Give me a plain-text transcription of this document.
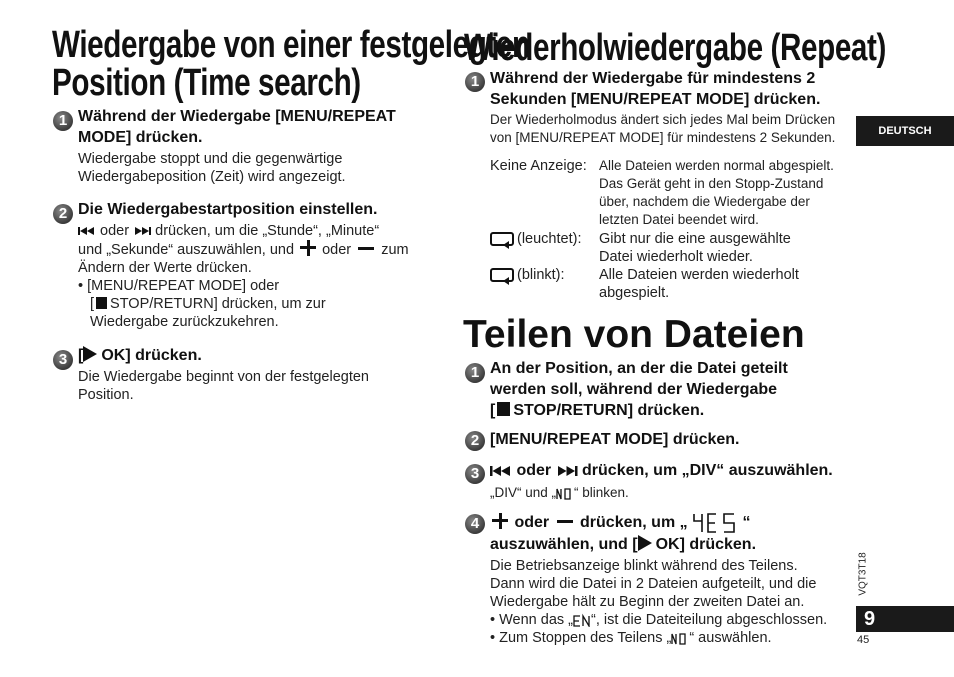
Wiedergabe von einer festgelegten
Position (Time search)
1 Während der Wiedergabe [MENU/REPEAT
MODE] drücken.
Wiedergabe stoppt und die gegenwärtige
Wiedergabeposition (Zeit) wird angezeigt.
2 Die Wiedergabestartposition einstellen.
oder drücken, um die „Stunde“, „Minute“
und „Sekunde“ auszuwählen, und oder zum
Ändern der Werte drücken.
• [MENU/REPEAT MODE] oder
[ STOP/RETURN] drücken, um zur
Wiedergabe zurückzukehren.
3 [ OK] drücken.
Die Wiedergabe beginnt von der festgelegten
Position.
Wiederholwiedergabe (Repeat)
1 Während der Wiedergabe für mindestens 2
Sekunden [MENU/REPEAT MODE] drücken.
Der Wiederholmodus ändert sich jedes Mal beim Drücken
von [MENU/REPEAT MODE] für mindestens 2 Sekunden.
Keine Anzeige: Alle Dateien werden normal abgespielt.
Das Gerät geht in den Stopp-Zustand
über, nachdem die Wiedergabe der
letzten Datei beendet wird.
(leuchtet): Gibt nur die eine ausgewählte
Datei wiederholt wieder.
(blinkt): Alle Dateien werden wiederholt
abgespielt.
Teilen von Dateien
1 An der Position, an der die Datei geteilt
werden soll, während der Wiedergabe
[ STOP/RETURN] drücken.
2 [MENU/REPEAT MODE] drücken.
3	oder drücken, um „DIV“ auszuwählen.
„DIV“ und „ “ blinken.
4	oder drücken, um „	“
auszuwählen, und [ OK] drücken.
Die Betriebsanzeige blinkt während des Teilens.
Dann wird die Datei in 2 Dateien aufgeteilt, und die
Wiedergabe hält zu Beginn der zweiten Datei an.
• Wenn das „ “, ist die Dateiteilung abgeschlossen.
• Zum Stoppen des Teilens „ “ auswählen.
DEUTSCH
VQT3T18
9
45
